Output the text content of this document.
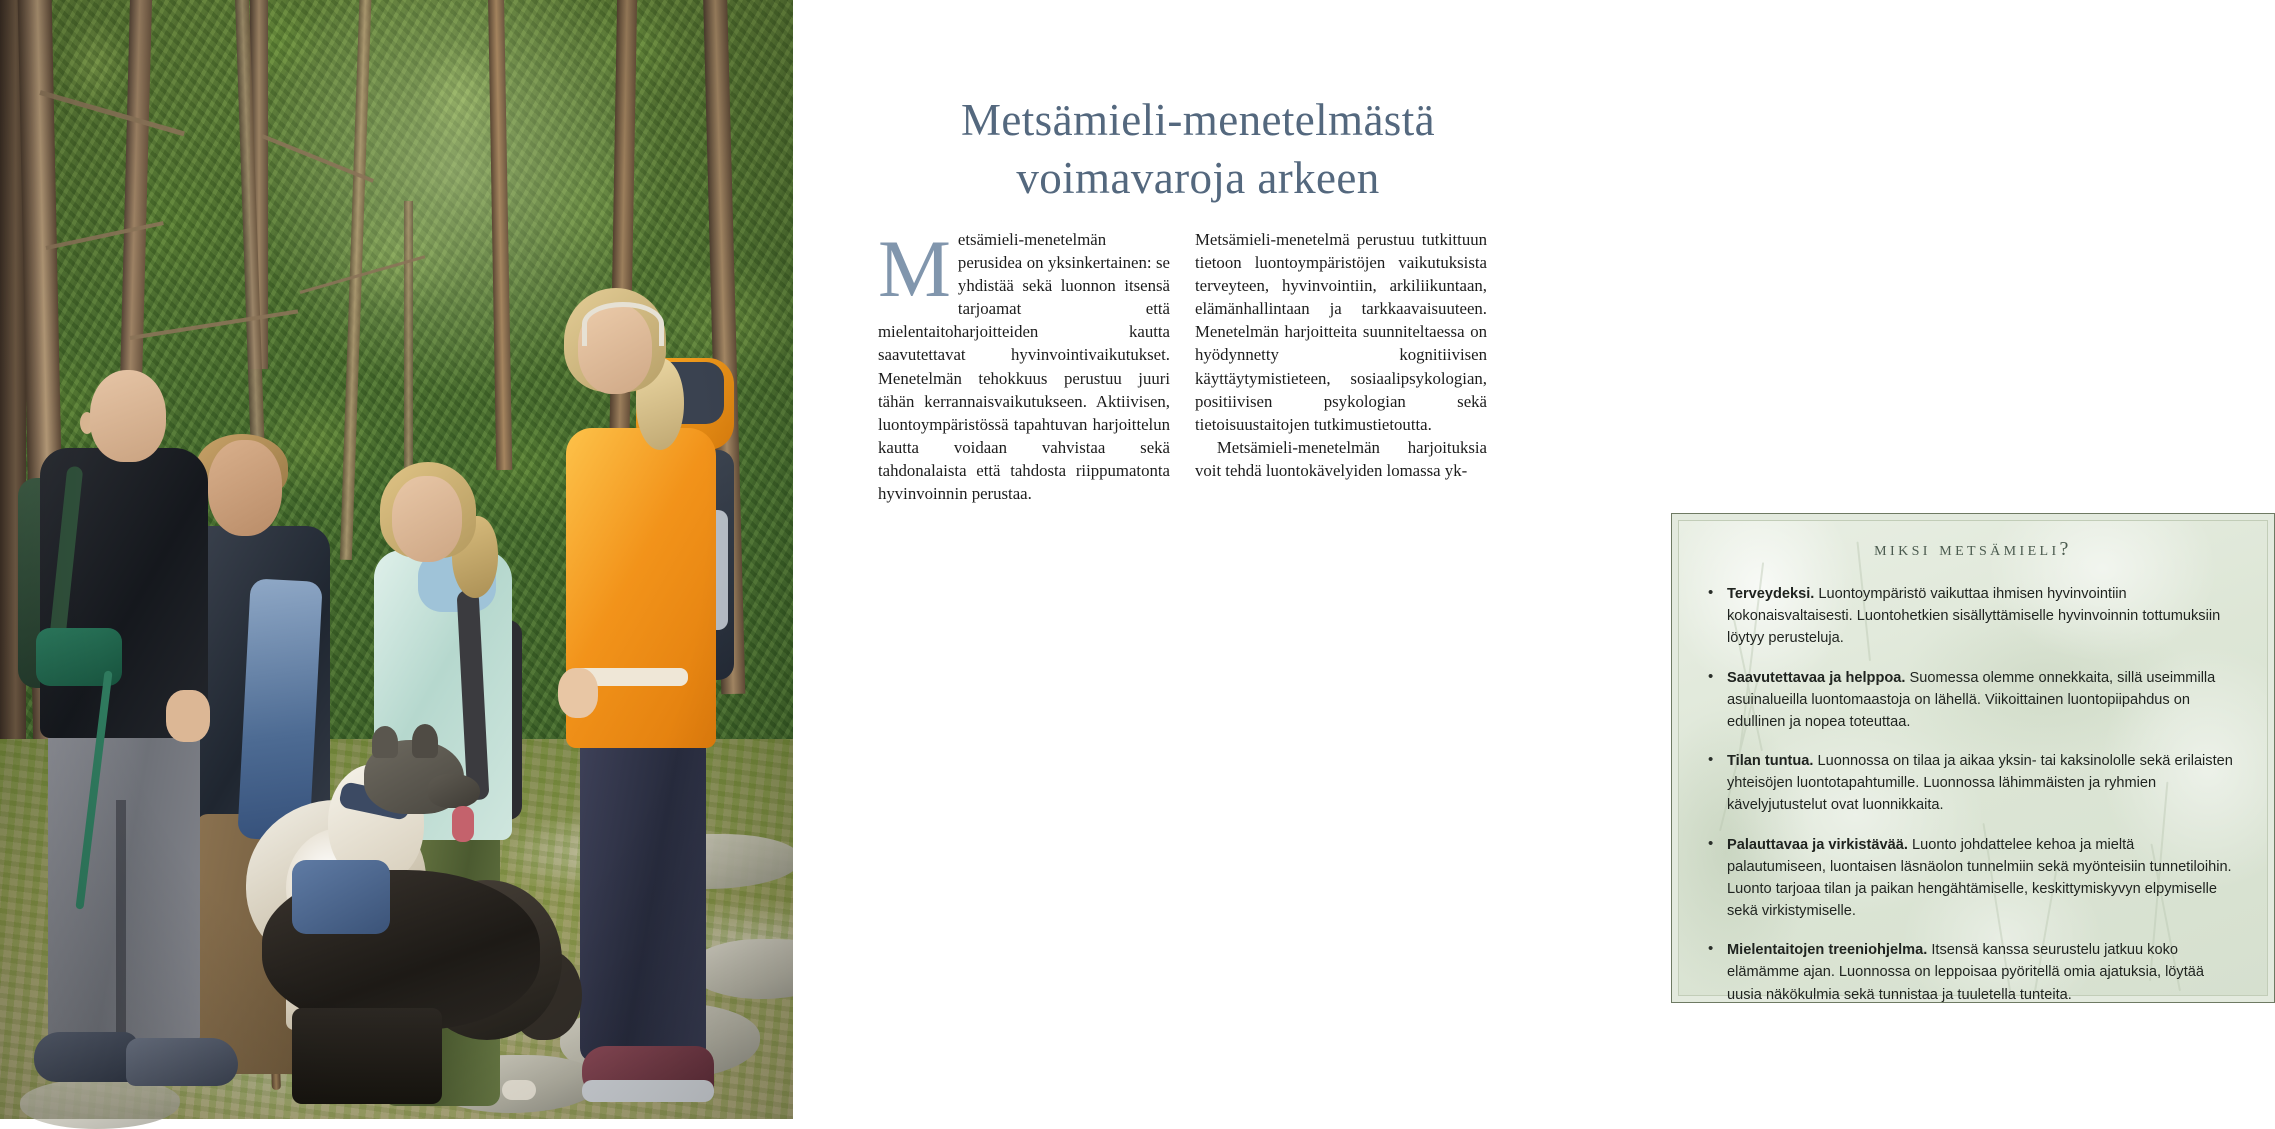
Metsämieli-menetelmästä
voimavaroja arkeen

Metsämieli-menetelmän perusidea on yksinkertainen: se yhdistää sekä luonnon itsensä tarjoamat että mielentaitoharjoitteiden kautta saavutettavat hyvinvointivaikutukset. Menetelmän tehokkuus perustuu juuri tähän kerrannaisvaikutukseen. Aktiivisen, luontoympäristössä tapahtuvan harjoittelun kautta voidaan vahvistaa sekä tahdonalaista että tahdosta riippumatonta hyvinvoinnin perustaa.

Metsämieli-menetelmä perustuu tutkittuun tietoon luontoympäristöjen vaikutuksista terveyteen, hyvinvointiin, arkiliikuntaan, elämänhallintaan ja tarkkaavaisuuteen. Menetelmän harjoitteita suunniteltaessa on hyödynnetty kognitiivisen käyttäytymistieteen, sosiaalipsykologian, positiivisen psykologian sekä tietoisuustaitojen tutkimustietoutta.

Metsämieli-menetelmän harjoituksia voit tehdä luontokävelyiden lomassa yk-

miksi metsämieli?
• Terveydeksi. Luontoympäristö vaikuttaa ihmisen hyvinvointiin kokonaisvaltaisesti. Luontohetkien sisällyttämiselle hyvinvoinnin tottumuksiin löytyy perusteluja.
• Saavutettavaa ja helppoa. Suomessa olemme onnekkaita, sillä useimmilla asuinalueilla luontomaastoja on lähellä. Viikoittainen luontopiipahdus on edullinen ja nopea toteuttaa.
• Tilan tuntua. Luonnossa on tilaa ja aikaa yksin- tai kaksinololle sekä erilaisten yhteisöjen luontotapahtumille. Luonnossa lähimmäisten ja ryhmien kävelyjutustelut ovat luonnikkaita.
• Palauttavaa ja virkistävää. Luonto johdattelee kehoa ja mieltä palautumiseen, luontaisen läsnäolon tunnelmiin sekä myönteisiin tunnetiloihin. Luonto tarjoaa tilan ja paikan hengähtämiselle, keskittymiskyvyn elpymiselle sekä virkistymiselle.
• Mielentaitojen treeniohjelma. Itsensä kanssa seurustelu jatkuu koko elämämme ajan. Luonnossa on leppoisaa pyöritellä omia ajatuksia, löytää uusia näkökulmia sekä tunnistaa ja tuuletella tunteita.
